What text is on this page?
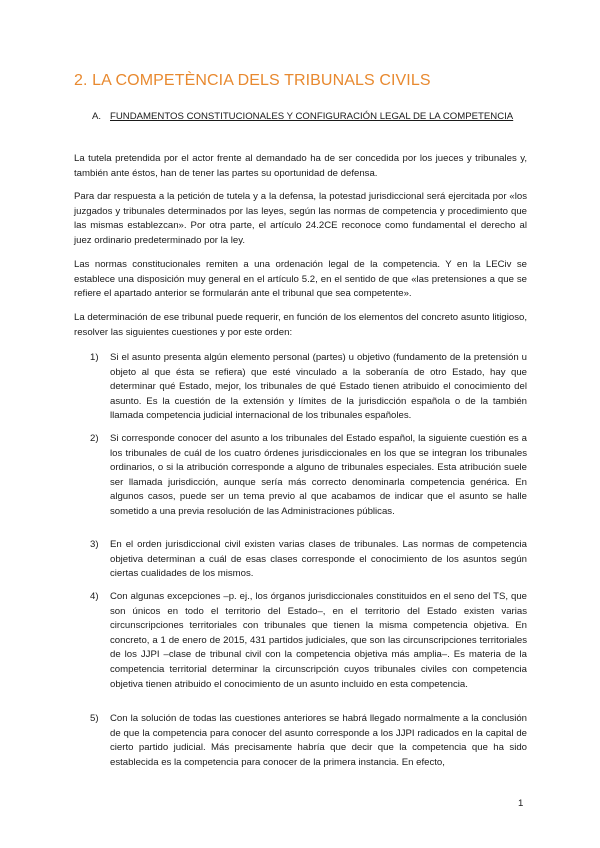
2. LA COMPETÈNCIA DELS TRIBUNALS CIVILS
A. FUNDAMENTOS CONSTITUCIONALES Y CONFIGURACIÓN LEGAL DE LA COMPETENCIA

La tutela pretendida por el actor frente al demandado ha de ser concedida por los jueces y tribunales y, también ante éstos, han de tener las partes su oportunidad de defensa.

Para dar respuesta a la petición de tutela y a la defensa, la potestad jurisdiccional será ejercitada por «los juzgados y tribunales determinados por las leyes, según las normas de competencia y procedimiento que las mismas establezcan». Por otra parte, el artículo 24.2CE reconoce como fundamental el derecho al juez ordinario predeterminado por la ley.

Las normas constitucionales remiten a una ordenación legal de la competencia. Y en la LECiv se establece una disposición muy general en el artículo 5.2, en el sentido de que «las pretensiones a que se refiere el apartado anterior se formularán ante el tribunal que sea competente».

La determinación de ese tribunal puede requerir, en función de los elementos del concreto asunto litigioso, resolver las siguientes cuestiones y por este orden:

1)	Si el asunto presenta algún elemento personal (partes) u objetivo (fundamento de la pretensión u objeto al que ésta se refiera) que esté vinculado a la soberanía de otro Estado, hay que determinar qué Estado, mejor, los tribunales de qué Estado tienen atribuido el conocimiento del asunto. Es la cuestión de la extensión y límites de la jurisdicción española o de la también llamada competencia judicial internacional de los tribunales españoles.

2)	Si corresponde conocer del asunto a los tribunales del Estado español, la siguiente cuestión es a los tribunales de cuál de los cuatro órdenes jurisdiccionales en los que se integran los tribunales ordinarios, o si la atribución corresponde a alguno de tribunales especiales. Esta atribución suele ser llamada jurisdicción, aunque sería más correcto denominarla competencia genérica. En algunos casos, puede ser un tema previo al que acabamos de indicar que el asunto se halle sometido a una previa resolución de las Administraciones públicas.

3)	En el orden jurisdiccional civil existen varias clases de tribunales. Las normas de competencia objetiva determinan a cuál de esas clases corresponde el conocimiento de los asuntos según ciertas cualidades de los mismos.

4)	Con algunas excepciones –p. ej., los órganos jurisdiccionales constituidos en el seno del TS, que son únicos en todo el territorio del Estado–, en el territorio del Estado existen varias circunscripciones territoriales con tribunales que tienen la misma competencia objetiva. En concreto, a 1 de enero de 2015, 431 partidos judiciales, que son las circunscripciones territoriales de los JJPI –clase de tribunal civil con la competencia objetiva más amplia–. Es materia de la competencia territorial determinar la circunscripción cuyos tribunales civiles con competencia objetiva tienen atribuido el conocimiento de un asunto incluido en esta competencia.

5)	Con la solución de todas las cuestiones anteriores se habrá llegado normalmente a la conclusión de que la competencia para conocer del asunto corresponde a los JJPI radicados en la capital de cierto partido judicial. Más precisamente habría que decir que la competencia que ha sido establecida es la competencia para conocer de la primera instancia. En efecto,

1
